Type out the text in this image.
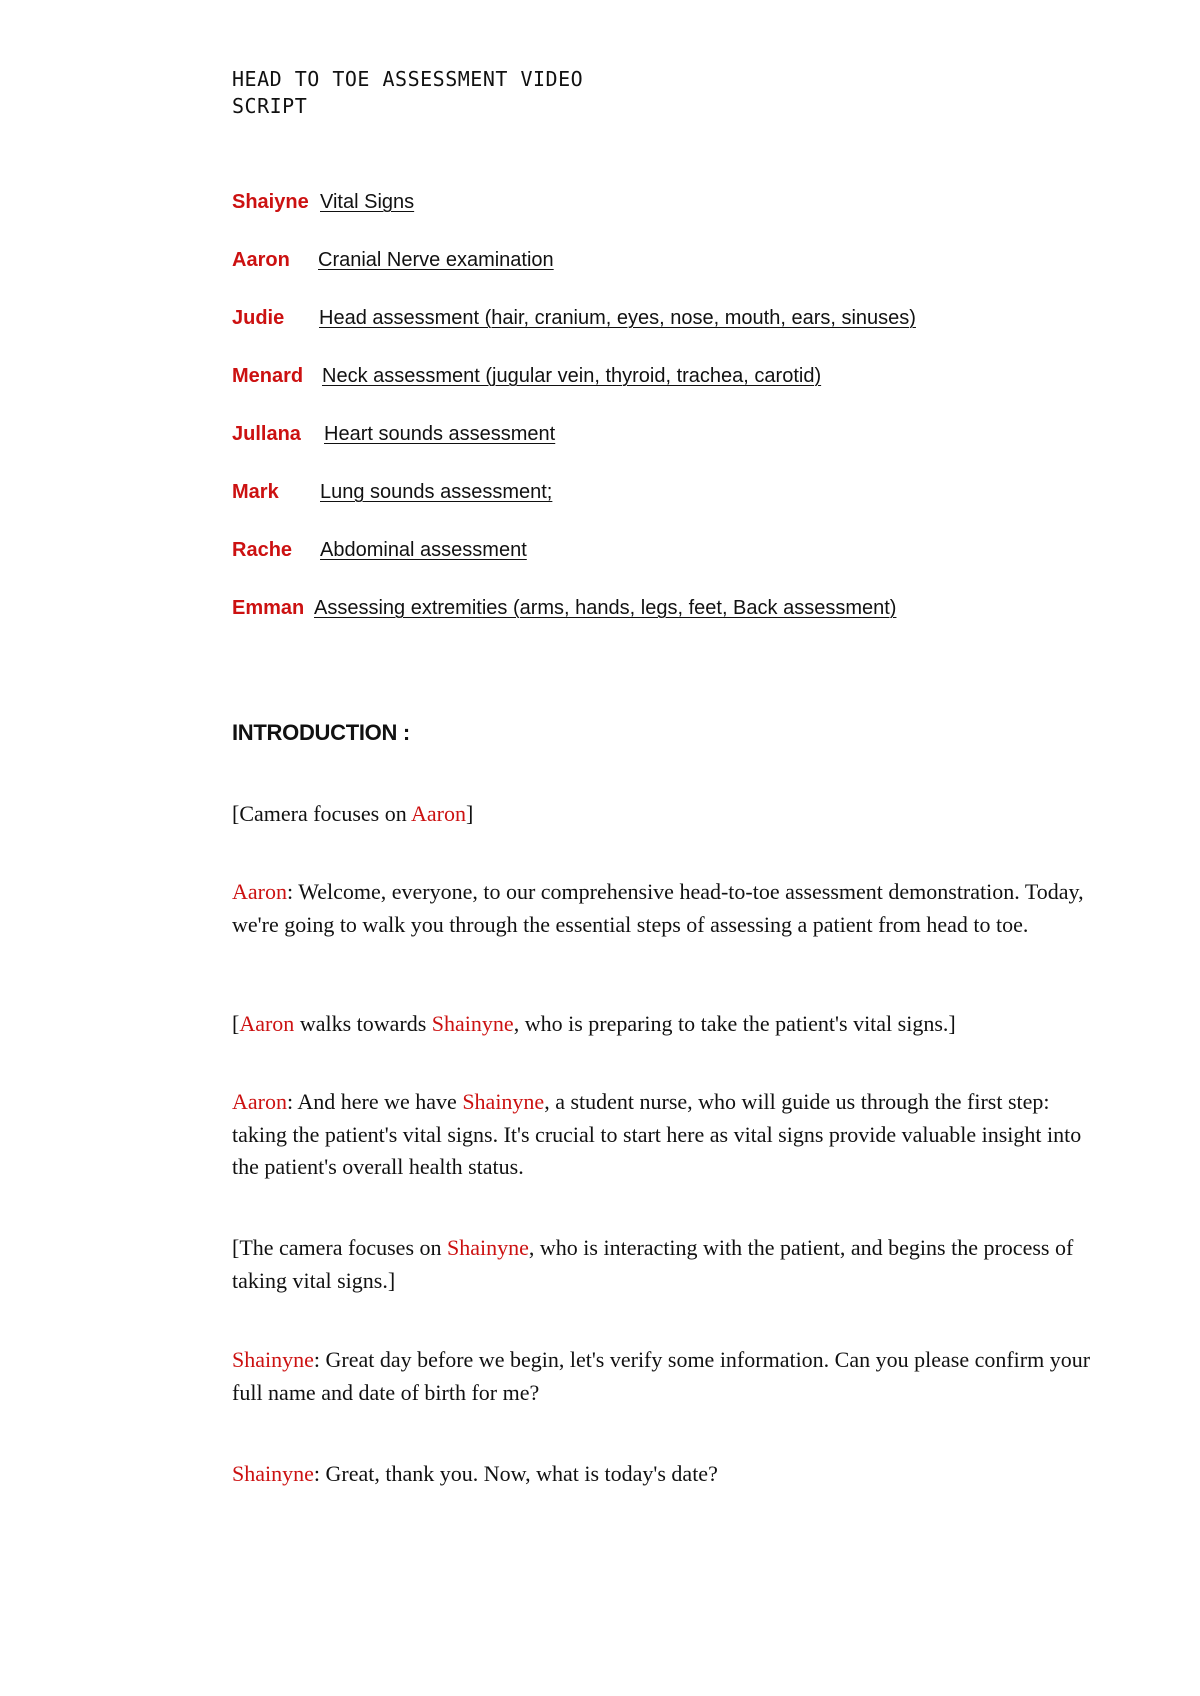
HEAD TO TOE ASSESSMENT VIDEO
SCRIPT
Shaiyne Vital Signs
Aaron Cranial Nerve examination
Judie Head assessment (hair, cranium, eyes, nose, mouth, ears, sinuses)
Menard Neck assessment (jugular vein, thyroid, trachea, carotid)
Jullana Heart sounds assessment
Mark Lung sounds assessment;
Rache Abdominal assessment
Emman Assessing extremities (arms, hands, legs, feet, Back assessment)
INTRODUCTION :

[Camera focuses on Aaron]

Aaron: Welcome, everyone, to our comprehensive head-to-toe assessment demonstration. Today, we're going to walk you through the essential steps of assessing a patient from head to toe.

[Aaron walks towards Shainyne, who is preparing to take the patient's vital signs.]

Aaron: And here we have Shainyne, a student nurse, who will guide us through the first step: taking the patient's vital signs. It's crucial to start here as vital signs provide valuable insight into the patient's overall health status.

[The camera focuses on Shainyne, who is interacting with the patient, and begins the process of taking vital signs.]

Shainyne: Great day before we begin, let's verify some information. Can you please confirm your full name and date of birth for me?

Shainyne: Great, thank you. Now, what is today's date?
